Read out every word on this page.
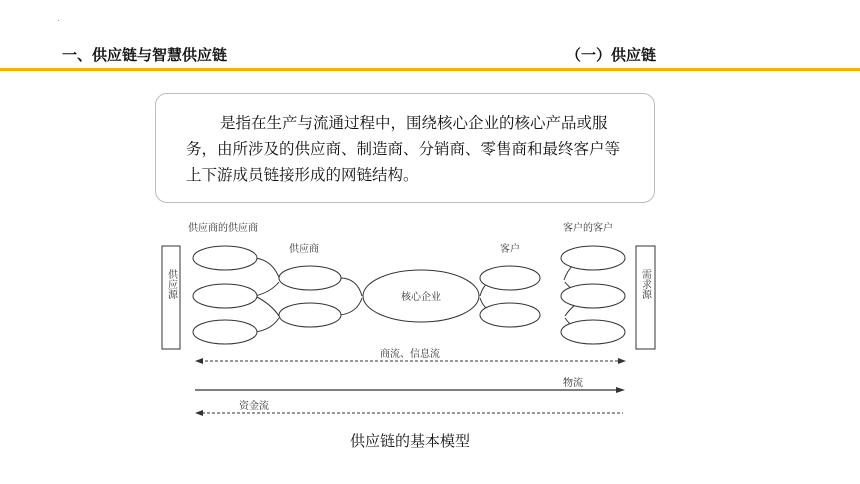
一、供应链与智慧供应链	（一）供应链
是指在生产与流通过程中，围绕核心企业的核心产品或服务，由所涉及的供应商、制造商、分销商、零售商和最终客户等上下游成员链接形成的网链结构。
供应源	需求源
供应商的供应商
供应商	客户
客户的客户
核心企业
商流、信息流
物流
资金流
供应链的基本模型
